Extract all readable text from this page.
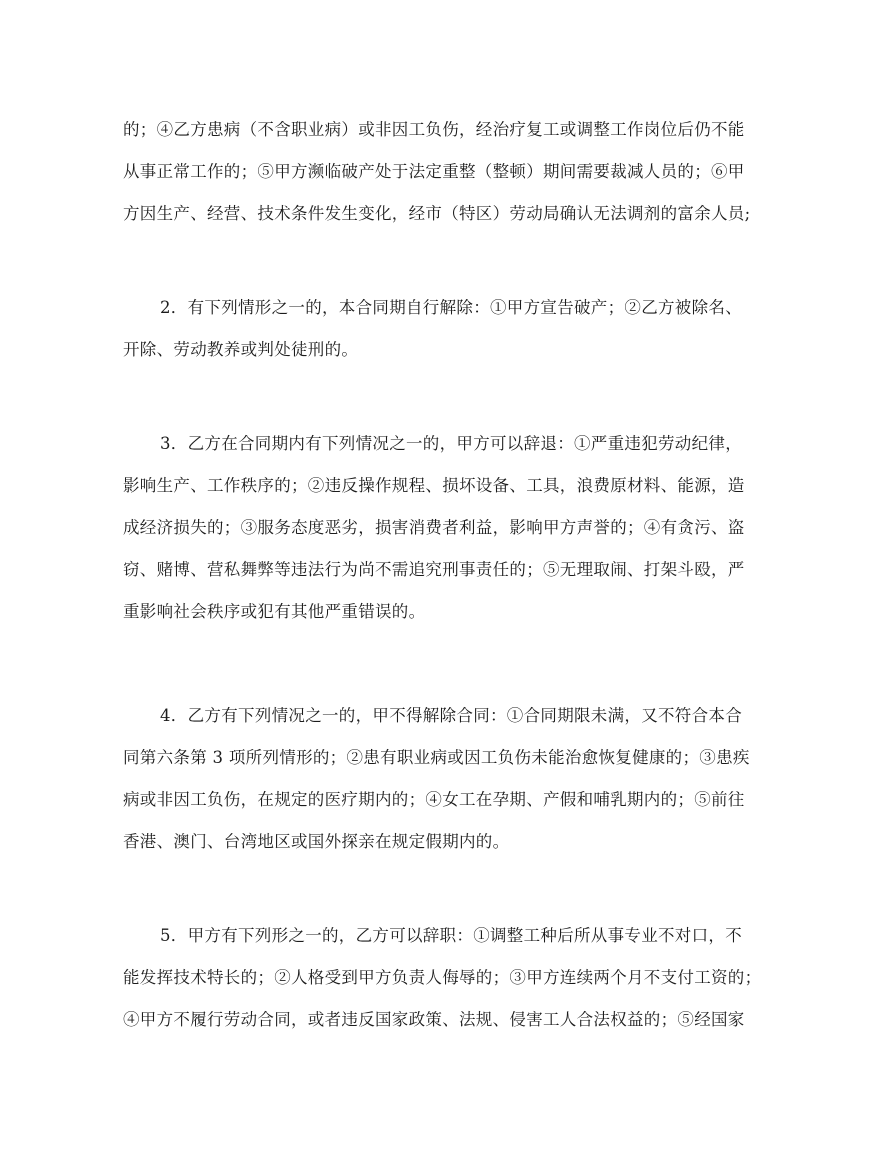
的；④乙方患病（不含职业病）或非因工负伤，经治疗复工或调整工作岗位后仍不能

从事正常工作的；⑤甲方濒临破产处于法定重整（整顿）期间需要裁减人员的；⑥甲

方因生产、经营、技术条件发生变化，经市（特区）劳动局确认无法调剂的富余人员;

2．有下列情形之一的，本合同期自行解除：①甲方宣告破产；②乙方被除名、

开除、劳动教养或判处徒刑的。

3．乙方在合同期内有下列情况之一的，甲方可以辞退：①严重违犯劳动纪律，

影响生产、工作秩序的；②违反操作规程、损坏设备、工具，浪费原材料、能源，造

成经济损失的；③服务态度恶劣，损害消费者利益，影响甲方声誉的；④有贪污、盗

窃、赌博、营私舞弊等违法行为尚不需追究刑事责任的；⑤无理取闹、打架斗殴，严

重影响社会秩序或犯有其他严重错误的。

4．乙方有下列情况之一的，甲不得解除合同：①合同期限未满，又不符合本合

同第六条第 3 项所列情形的；②患有职业病或因工负伤未能治愈恢复健康的；③患疾

病或非因工负伤，在规定的医疗期内的；④女工在孕期、产假和哺乳期内的；⑤前往

香港、澳门、台湾地区或国外探亲在规定假期内的。

5．甲方有下列形之一的，乙方可以辞职：①调整工种后所从事专业不对口，不

能发挥技术特长的；②人格受到甲方负责人侮辱的；③甲方连续两个月不支付工资的；

④甲方不履行劳动合同，或者违反国家政策、法规、侵害工人合法权益的；⑤经国家
